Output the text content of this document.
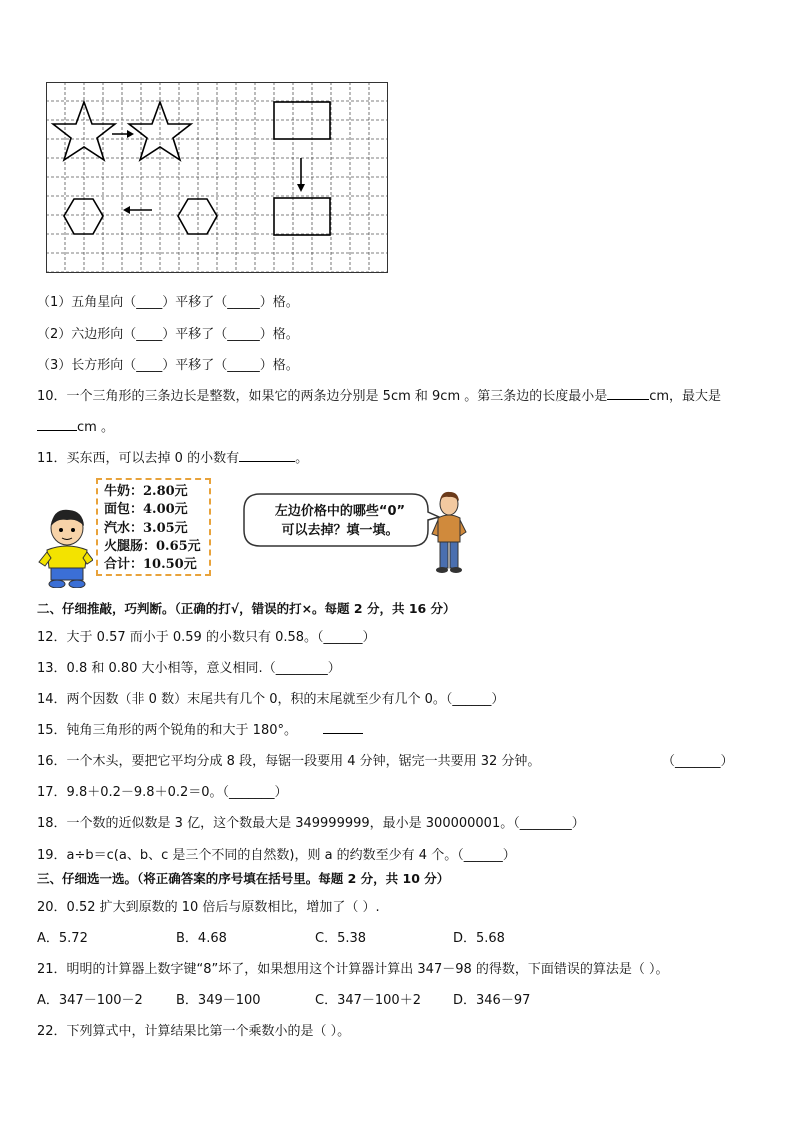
（1）五角星向（____）平移了（_____）格。
（2）六边形向（____）平移了（_____）格。
（3）长方形向（____）平移了（_____）格。
10．一个三角形的三条边长是整数，如果它的两条边分别是 5cm 和 9cm 。第三条边的长度最小是	cm，最大是
cm 。
11．买东西，可以去掉 0 的小数有	。
牛奶：2.80元
面包：4.00元
汽水：3.05元
火腿肠：0.65元
合计：10.50元
左边价格中的哪些“0”
可以去掉？填一填。
二、仔细推敲，巧判断。（正确的打√，错误的打×。每题 2 分，共 16 分）
12．大于 0.57 而小于 0.59 的小数只有 0.58。（______）
13．0.8 和 0.80 大小相等，意义相同.（________）
14．两个因数（非 0 数）末尾共有几个 0，积的末尾就至少有几个 0。（______）
15．钝角三角形的两个锐角的和大于 180°。
16．一个木头，要把它平均分成 8 段，每锯一段要用 4 分钟，锯完一共要用 32 分钟。	（_______）
17．9.8＋0.2－9.8＋0.2＝0。（_______）
18．一个数的近似数是 3 亿，这个数最大是 349999999，最小是 300000001。（________）
19．a÷b＝c(a、b、c 是三个不同的自然数)，则 a 的约数至少有 4 个。（______）
三、仔细选一选。（将正确答案的序号填在括号里。每题 2 分，共 10 分）
20．0.52 扩大到原数的 10 倍后与原数相比，增加了（ ）.
A．5.72	B．4.68	C．5.38	D．5.68
21．明明的计算器上数字键“8”坏了，如果想用这个计算器计算出 347－98 的得数，下面错误的算法是（ ）。
A．347－100－2	B．349－100	C．347－100＋2 D．346－97
22．下列算式中，计算结果比第一个乘数小的是（ ）。
